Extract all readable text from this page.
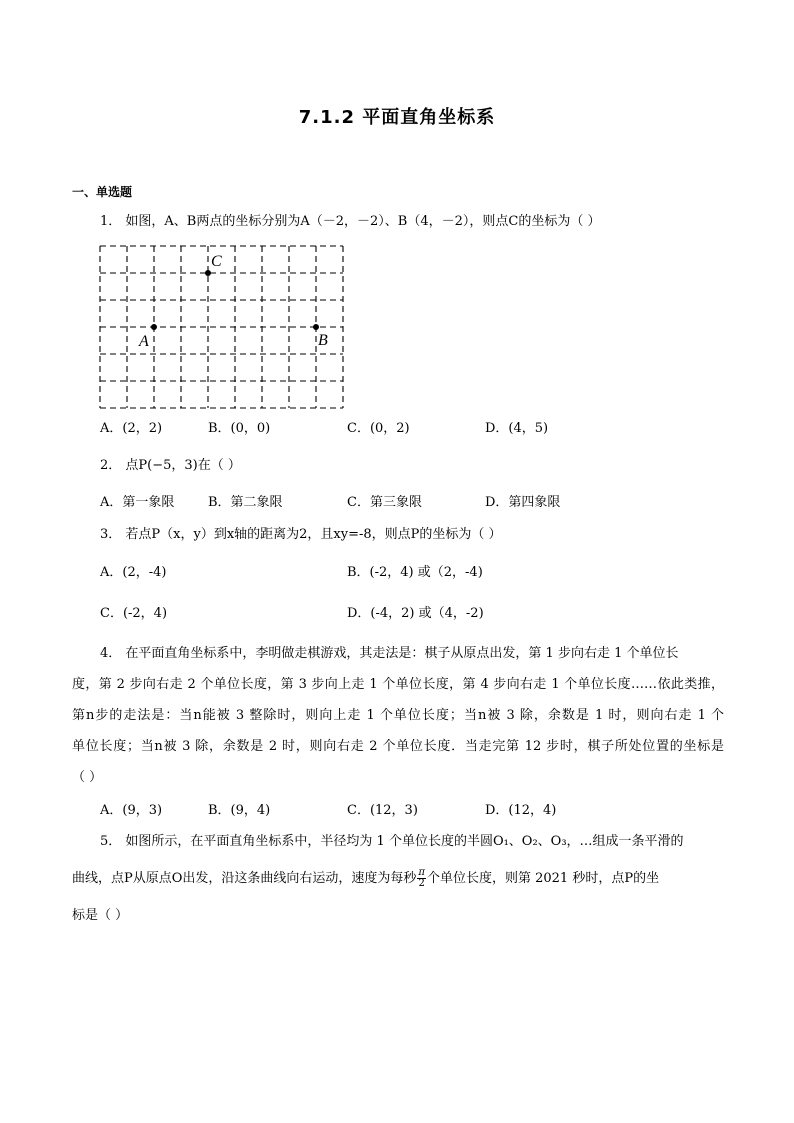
7.1.2 平面直角坐标系
一、单选题
1． 如图，A、B两点的坐标分别为A（－2，－2）、B（4，－2），则点C的坐标为（ ）
A	B
C
A．(2，2)	B．(0，0)	C．(0，2)	D．(4，5)
2． 点P(−5，3)在（ ）
A．第一象限	B．第二象限	C．第三象限	D．第四象限
3． 若点P（x，y）到x轴的距离为2，且xy=-8，则点P的坐标为（ ）
A．(2，-4)	B．(-2，4) 或（2，-4)
C．(-2，4)	D．(-4，2) 或（4，-2)
4． 在平面直角坐标系中，李明做走棋游戏，其走法是：棋子从原点出发，第 1 步向右走 1 个单位长
度，第 2 步向右走 2 个单位长度，第 3 步向上走 1 个单位长度，第 4 步向右走 1 个单位长度……依此类推，
第n步的走法是：当n能被 3 整除时，则向上走 1 个单位长度；当n被 3 除，余数是 1 时，则向右走 1 个
单位长度；当n被 3 除，余数是 2 时，则向右走 2 个单位长度．当走完第 12 步时，棋子所处位置的坐标是
（ ）
A．(9，3)	B．(9，4)	C．(12，3)	D．(12，4)
5． 如图所示，在平面直角坐标系中，半径均为 1 个单位长度的半圆O₁、O₂、O₃，…组成一条平滑的
曲线，点P从原点O出发，沿这条曲线向右运动，速度为每秒 $\frac{\pi}{2}$ 个单位长度，则第 2021 秒时，点P的坐
标是（ ）
